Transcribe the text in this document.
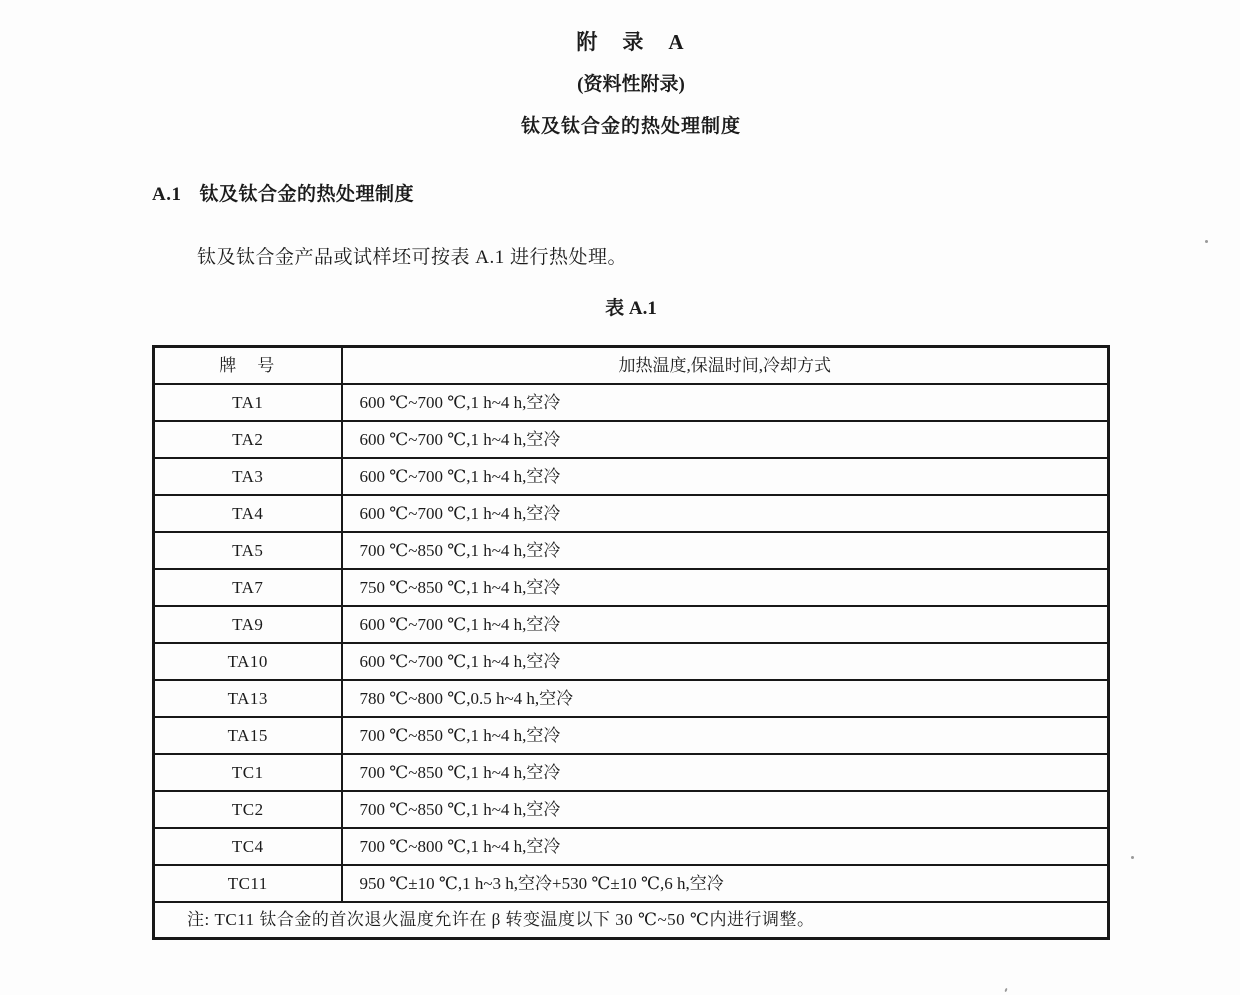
附　录　A
(资料性附录)
钛及钛合金的热处理制度
A.1 钛及钛合金的热处理制度

钛及钛合金产品或试样坯可按表 A.1 进行热处理。

表 A.1
牌　号	加热温度,保温时间,冷却方式
TA1	600 ℃~700 ℃,1 h~4 h,空冷
TA2	600 ℃~700 ℃,1 h~4 h,空冷
TA3	600 ℃~700 ℃,1 h~4 h,空冷
TA4	600 ℃~700 ℃,1 h~4 h,空冷
TA5	700 ℃~850 ℃,1 h~4 h,空冷
TA7	750 ℃~850 ℃,1 h~4 h,空冷
TA9	600 ℃~700 ℃,1 h~4 h,空冷
TA10	600 ℃~700 ℃,1 h~4 h,空冷
TA13	780 ℃~800 ℃,0.5 h~4 h,空冷
TA15	700 ℃~850 ℃,1 h~4 h,空冷
TC1	700 ℃~850 ℃,1 h~4 h,空冷
TC2	700 ℃~850 ℃,1 h~4 h,空冷
TC4	700 ℃~800 ℃,1 h~4 h,空冷
TC11	950 ℃±10 ℃,1 h~3 h,空冷+530 ℃±10 ℃,6 h,空冷
注: TC11 钛合金的首次退火温度允许在 β 转变温度以下 30 ℃~50 ℃内进行调整。	
